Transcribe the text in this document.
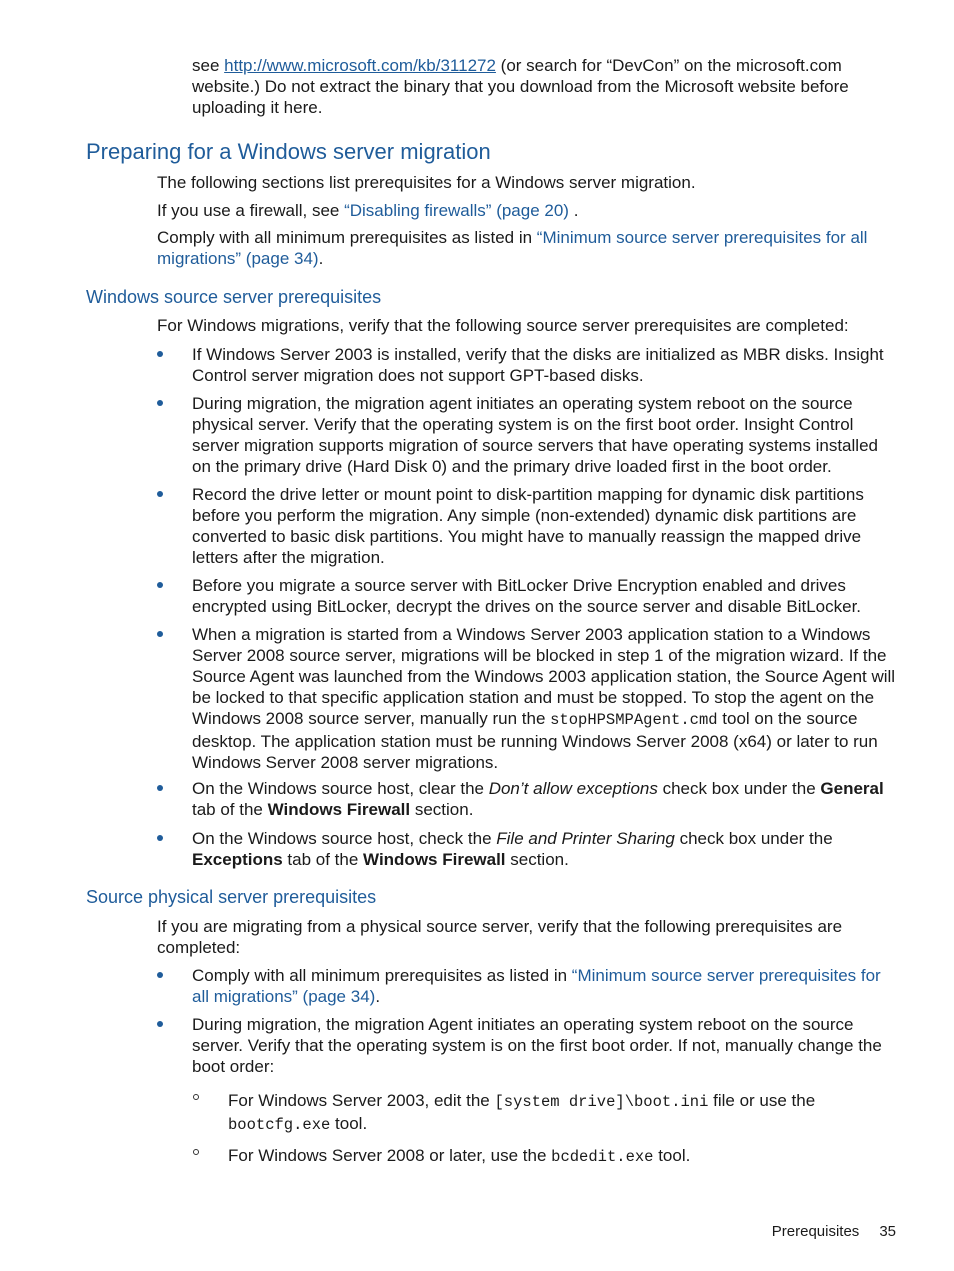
see http://www.microsoft.com/kb/311272 (or search for “DevCon” on the microsoft.com website.) Do not extract the binary that you download from the Microsoft website before uploading it here.

Preparing for a Windows server migration

The following sections list prerequisites for a Windows server migration.

If you use a firewall, see “Disabling firewalls” (page 20) .

Comply with all minimum prerequisites as listed in “Minimum source server prerequisites for all migrations” (page 34).

Windows source server prerequisites

For Windows migrations, verify that the following source server prerequisites are completed:

If Windows Server 2003 is installed, verify that the disks are initialized as MBR disks. Insight Control server migration does not support GPT-based disks.
During migration, the migration agent initiates an operating system reboot on the source physical server. Verify that the operating system is on the first boot order. Insight Control server migration supports migration of source servers that have operating systems installed on the primary drive (Hard Disk 0) and the primary drive loaded first in the boot order.
Record the drive letter or mount point to disk-partition mapping for dynamic disk partitions before you perform the migration. Any simple (non-extended) dynamic disk partitions are converted to basic disk partitions. You might have to manually reassign the mapped drive letters after the migration.
Before you migrate a source server with BitLocker Drive Encryption enabled and drives encrypted using BitLocker, decrypt the drives on the source server and disable BitLocker.
When a migration is started from a Windows Server 2003 application station to a Windows Server 2008 source server, migrations will be blocked in step 1 of the migration wizard. If the Source Agent was launched from the Windows 2003 application station, the Source Agent will be locked to that specific application station and must be stopped. To stop the agent on the Windows 2008 source server, manually run the stopHPSMPAgent.cmd tool on the source desktop. The application station must be running Windows Server 2008 (x64) or later to run Windows Server 2008 server migrations.
On the Windows source host, clear the Don’t allow exceptions check box under the General tab of the Windows Firewall section.
On the Windows source host, check the File and Printer Sharing check box under the Exceptions tab of the Windows Firewall section.
Source physical server prerequisites

If you are migrating from a physical source server, verify that the following prerequisites are completed:

Comply with all minimum prerequisites as listed in “Minimum source server prerequisites for all migrations” (page 34).
During migration, the migration Agent initiates an operating system reboot on the source server. Verify that the operating system is on the first boot order. If not, manually change the boot order:
For Windows Server 2003, edit the [system drive]\boot.ini file or use the bootcfg.exe tool.
For Windows Server 2008 or later, use the bcdedit.exe tool.
Prerequisites 35
